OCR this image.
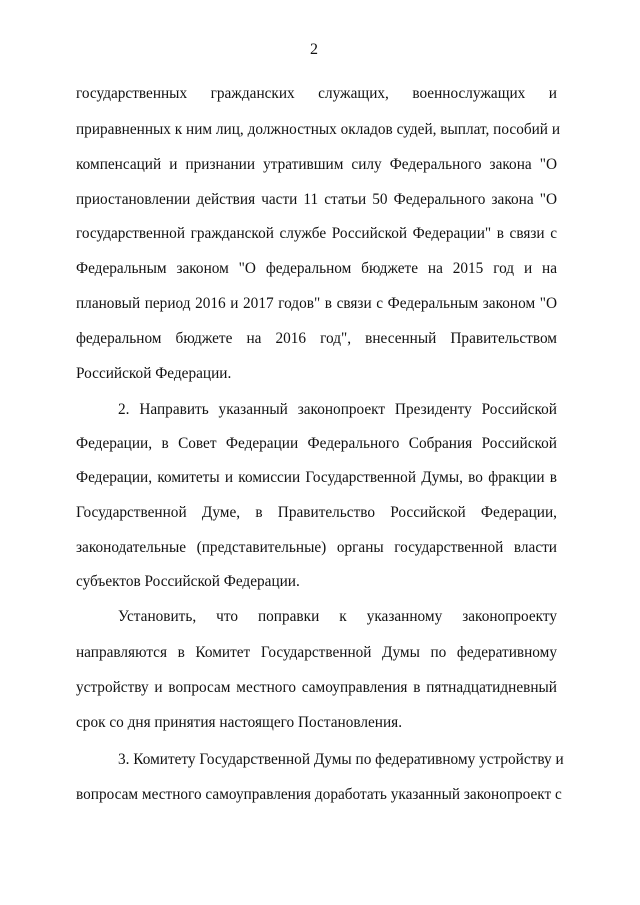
2
государственных гражданских служащих, военнослужащих и
приравненных к ним лиц, должностных окладов судей, выплат, пособий и
компенсаций и признании утратившим силу Федерального закона "О
приостановлении действия части 11 статьи 50 Федерального закона "О
государственной гражданской службе Российской Федерации" в связи с
Федеральным законом "О федеральном бюджете на 2015 год и на
плановый период 2016 и 2017 годов" в связи с Федеральным законом "О
федеральном бюджете на 2016 год", внесенный Правительством
Российской Федерации.
2. Направить указанный законопроект Президенту Российской
Федерации, в Совет Федерации Федерального Собрания Российской
Федерации, комитеты и комиссии Государственной Думы, во фракции в
Государственной Думе, в Правительство Российской Федерации,
законодательные (представительные) органы государственной власти
субъектов Российской Федерации.
Установить, что поправки к указанному законопроекту
направляются в Комитет Государственной Думы по федеративному
устройству и вопросам местного самоуправления в пятнадцатидневный
срок со дня принятия настоящего Постановления.
3. Комитету Государственной Думы по федеративному устройству и
вопросам местного самоуправления доработать указанный законопроект с
